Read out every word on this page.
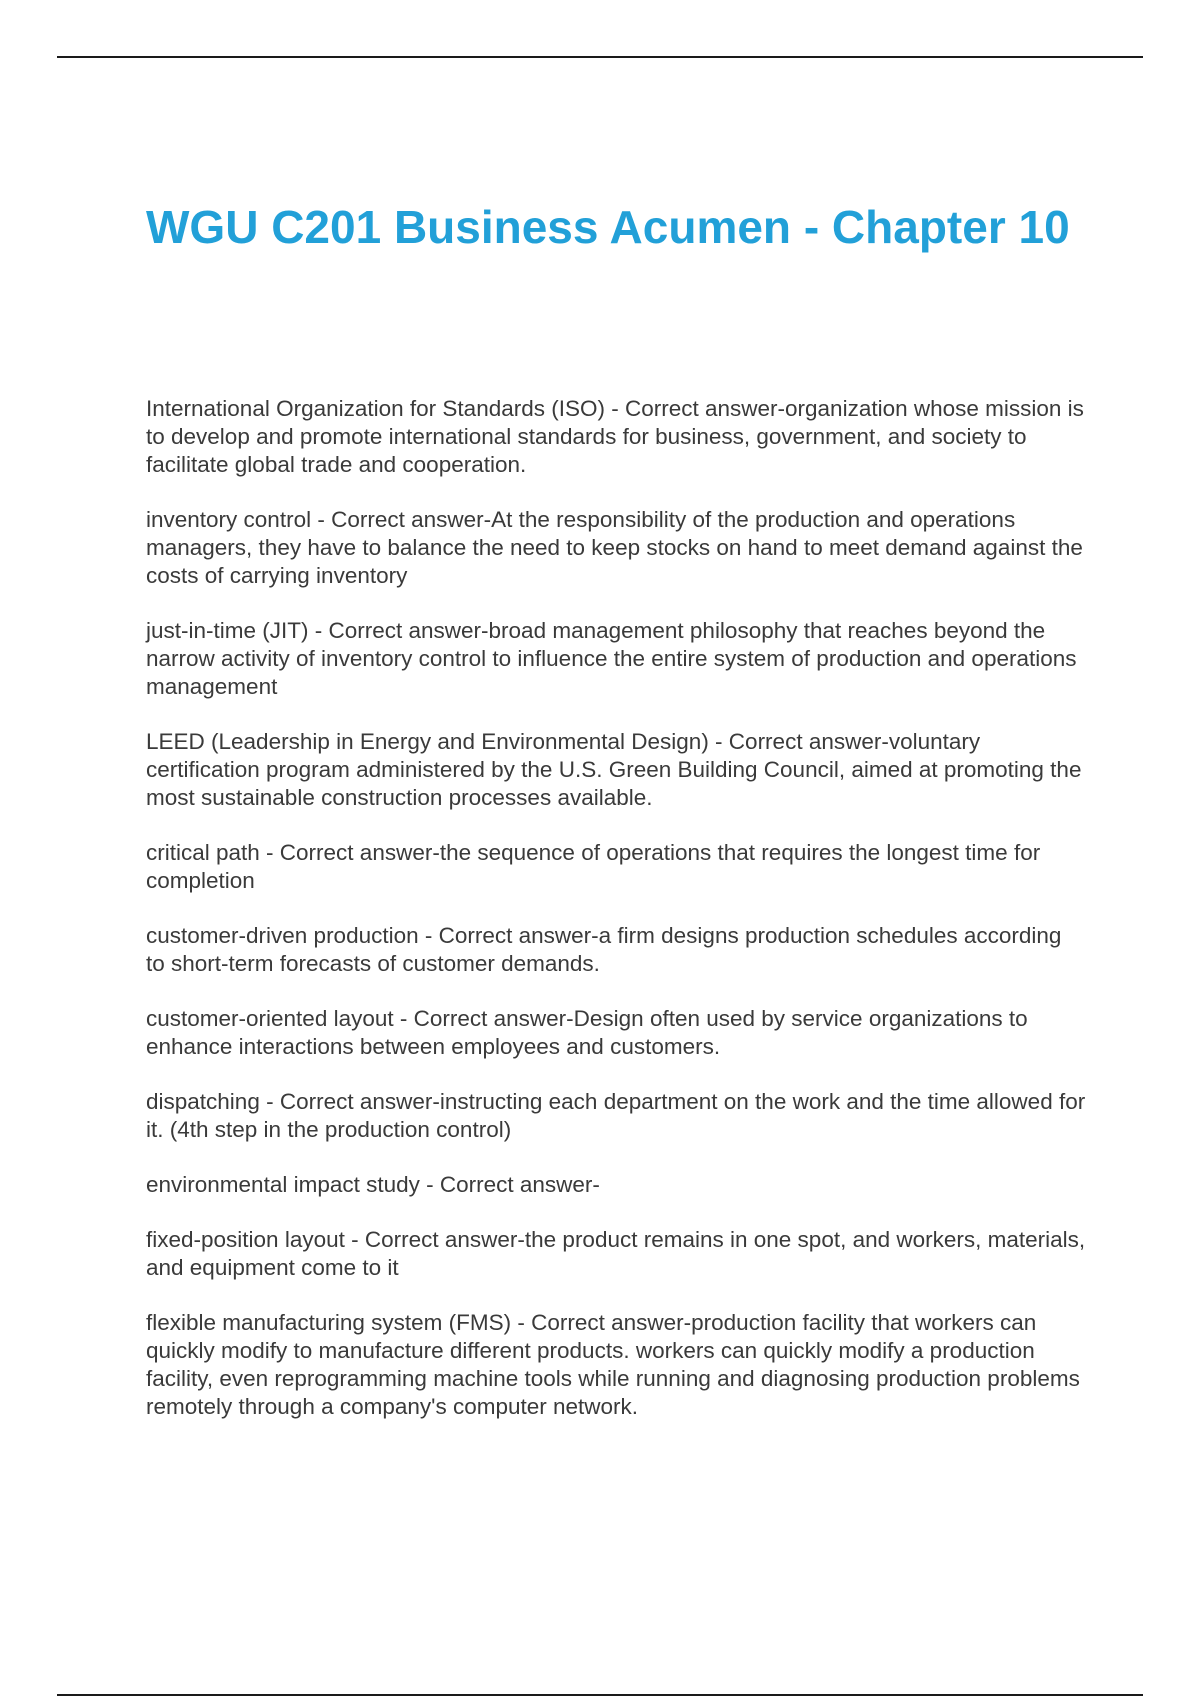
WGU C201 Business Acumen - Chapter 10

International Organization for Standards (ISO) - Correct answer-organization whose mission is to develop and promote international standards for business, government, and society to facilitate global trade and cooperation.

inventory control - Correct answer-At the responsibility of the production and operations managers, they have to balance the need to keep stocks on hand to meet demand against the costs of carrying inventory

just-in-time (JIT) - Correct answer-broad management philosophy that reaches beyond the narrow activity of inventory control to influence the entire system of production and operations management

LEED (Leadership in Energy and Environmental Design) - Correct answer-voluntary certification program administered by the U.S. Green Building Council, aimed at promoting the most sustainable construction processes available.

critical path - Correct answer-the sequence of operations that requires the longest time for completion

customer-driven production - Correct answer-a firm designs production schedules according to short-term forecasts of customer demands.

customer-oriented layout - Correct answer-Design often used by service organizations to enhance interactions between employees and customers.

dispatching - Correct answer-instructing each department on the work and the time allowed for it. (4th step in the production control)

environmental impact study - Correct answer-

fixed-position layout - Correct answer-the product remains in one spot, and workers, materials, and equipment come to it

flexible manufacturing system (FMS) - Correct answer-production facility that workers can quickly modify to manufacture different products. workers can quickly modify a production facility, even reprogramming machine tools while running and diagnosing production problems remotely through a company's computer network.
